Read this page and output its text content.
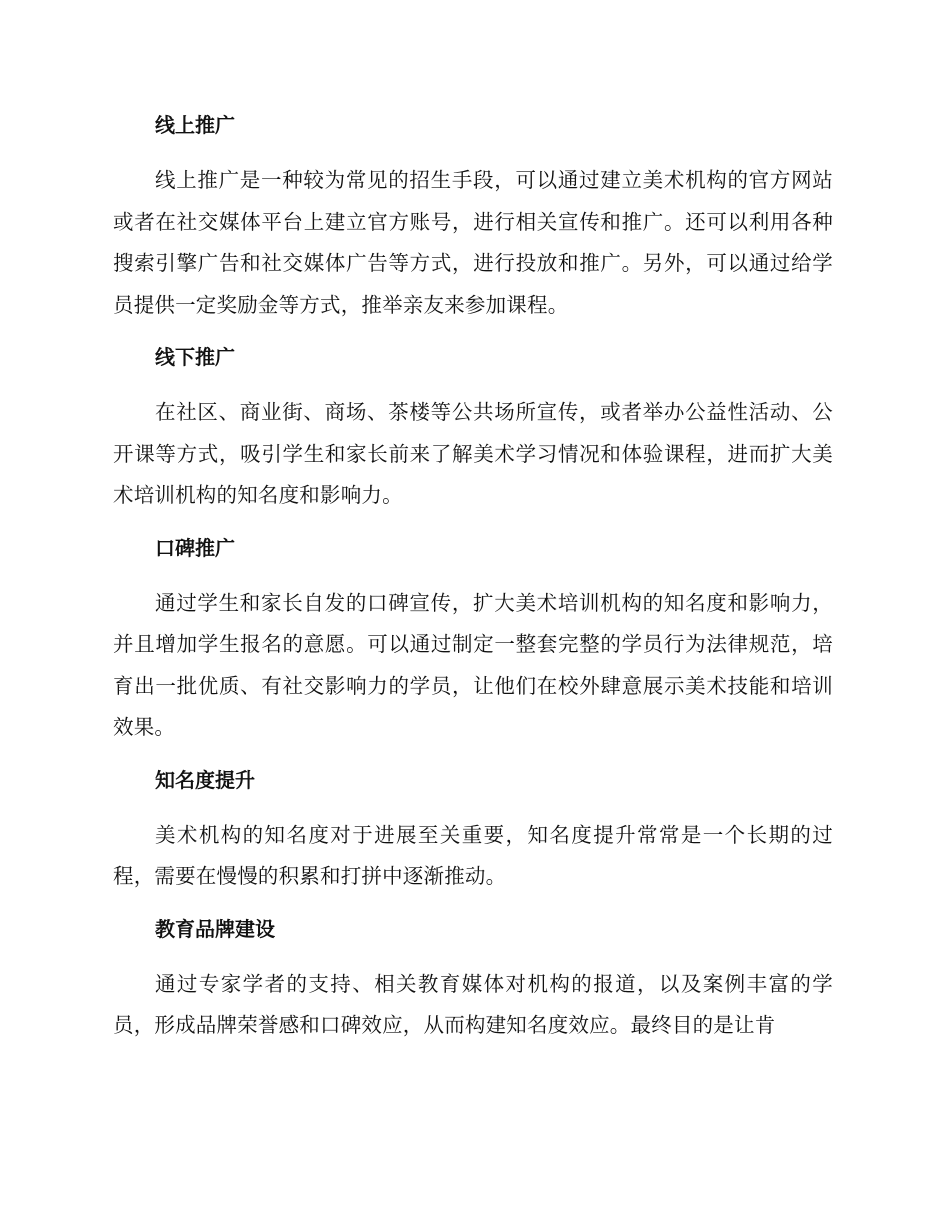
线上推广

线上推广是一种较为常见的招生手段，可以通过建立美术机构的官方网站或者在社交媒体平台上建立官方账号，进行相关宣传和推广。还可以利用各种搜索引擎广告和社交媒体广告等方式，进行投放和推广。另外，可以通过给学员提供一定奖励金等方式，推举亲友来参加课程。

线下推广

在社区、商业街、商场、茶楼等公共场所宣传，或者举办公益性活动、公开课等方式，吸引学生和家长前来了解美术学习情况和体验课程，进而扩大美术培训机构的知名度和影响力。

口碑推广

通过学生和家长自发的口碑宣传，扩大美术培训机构的知名度和影响力，并且增加学生报名的意愿。可以通过制定一整套完整的学员行为法律规范，培育出一批优质、有社交影响力的学员，让他们在校外肆意展示美术技能和培训效果。

知名度提升

美术机构的知名度对于进展至关重要，知名度提升常常是一个长期的过程，需要在慢慢的积累和打拼中逐渐推动。

教育品牌建设

通过专家学者的支持、相关教育媒体对机构的报道，以及案例丰富的学员，形成品牌荣誉感和口碑效应，从而构建知名度效应。最终目的是让肯
